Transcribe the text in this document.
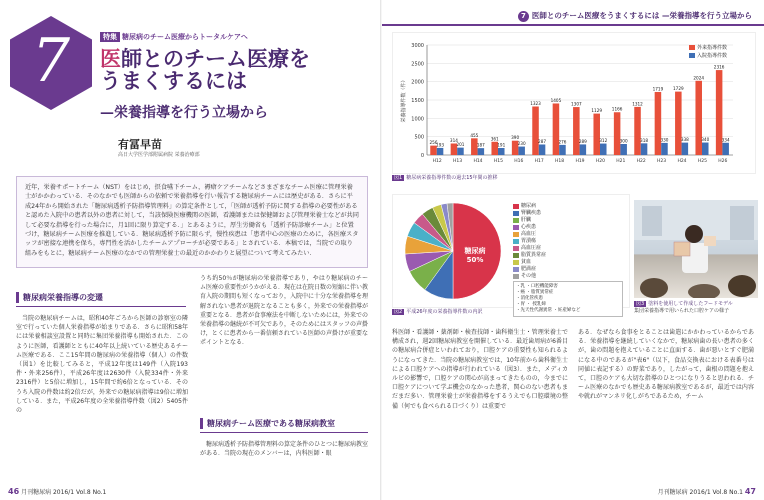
7	特集 糖尿病のチーム医療からトータルケアへ
医師とのチーム医療を
うまくするには
—栄養指導を行う立場から
有冨早苗
高日大学医学部附属病院 栄養治療部
近年，栄養サポートチーム（NST）をはじめ，摂食嚥下チーム，褥瘡ケアチームなどさまざまなチーム医療に管理栄養士がかかわっている．そのなかでも医師からの依頼で栄養指導を行い報告する糖尿病チームには歴史がある．さらに平成24年から開始された「糖尿病透析予防指導管理料」の算定条件として，「医師が透析予防に関する指導の必要性があると認めた入院中の患者以外の患者に対して，当該保険医療機関の医師，看護師または保健師および管理栄養士などが共同して必要な指導を行った場合に，月1回に限り算定する．」とあるように，厚生労働省も「透析予防診療チーム」と位置づけ，糖尿病チーム医療を推進している．糖尿病透析予防に限らず，慢性疾患は「患者中心の医療のために，各医療スタッフが密接な連携を保ち，専門性を活かしたチームアプローチが必要である」とされている．本稿では，当院での取り組みをもとに，糖尿病チーム医療のなかでの管理栄養士の最近のかかわりと展望について考えてみたい．
糖尿病栄養指導の変遷

当院の糖尿病チームは，昭和40年ごろから医師の診察室の隣室で行っていた個人栄養指導が始まりである．さらに昭和58年には栄養相談室設置と同時に集団栄養指導も開始された．このように医師，看護師とともに40年以上続いている歴史あるチーム医療である．ここ15年間の糖尿病の栄養指導（個人）の件数（図1）を比較してみると，平成12年度は149件（入院193件・外来256件），平成26年度は2630件（入院334件・外来2316件）と5倍に増加し，15年間で約6倍となっている．そのうち入院の件数は約2倍だが，外来での糖尿病指導は9倍に増加している．また，平成26年度の全栄養指導件数（図2）5405件の

うち約50％が糖尿病の栄養指導であり，やはり糖尿病のチーム医療の重要性がうかがえる．現在は在院日数の短縮に伴い教育入院の期間も短くなっており，入院中に十分な栄養指導を理解されない患者が退院となることも多く，外来での栄養指導が重要となる．患者が食事療法を中断しないためには，外来での栄養指導の継続が不可欠であり，そのためにはスタッフの声掛け，とくに患者から一番信頼されている医師の声掛けが重要なポイントとなる．

糖尿病チーム医療である糖尿病教室

糖尿病透析予防指導管理料の算定条件のひとつに糖尿病教室がある．当院の現在のメンバーは，内科医師・眼

46 月刊糖尿病 2016/1 Vol.8 No.1
7 医師とのチーム医療をうまくするには —栄養指導を行う立場から
0
500
1000
1500
2000
2500
3000
栄養指導件数（件）
256
193
H12
314
201
H13
455
187
H14
361
191
H15
390
230
H16
1323
287
H17
1405
276
H18
1307
289
H19
1129
312
H20
1166
300
H21
1312
318
H22
1719
330
H23
1729
338
H24
2024
340
H25
2316
334
H26
外来指導件数
入院指導件数
図1 糖尿病栄養指導件数の過去15年間の推移
糖尿病
50%
糖尿病
腎臓疾患
肝臓
心疾患
高血圧
胃潰瘍
高血圧症
脂質異常症
貧血
肥満症
その他
・乳 ・口腔機能障害
・癌 ・脂質異常症
・消化管疾患
・胃 ・ 授乳婦
・先天性代謝異常 ・妊産婦など
図2 平成26年度の栄養指導件数の内訳
図3 塗料を使用して作成したフードモデル
集団栄養指導で用いられた口腔ケアの様子

科医師・看護師・薬剤師・検査技師・歯科衛生士・管理栄養士で構成され，週2回糖尿病教室を開催している．最近歯周病が6番目の糖尿病合併症といわれており，口腔ケアの重要性も知られるようになってきた．当院の糖尿病教室では，10年前から歯科衛生士による口腔ケアへの指導が行われている（図3）．また，メディカルビの影響で，口腔ケアの関心が高まってきたものの，今までに口腔ケアについて学ぶ機会のなかった患者，関心のない患者もまだまだ多い．管理栄養士が栄養指導をするうえでも口腔環境の整備（何でも食べられる口づくり）は重要で

ある．なぜなら食事をとることは歯遣にかかわっているからである．栄養指導を継続していくなかで，糖尿病歯の長い患者の多くが，歯の問題を抱えていることに直面する．歯が悪いとすぐ肥満になる中のであるが"表6"（以下，食品交換表における表番号は同値に表記する）の野菜であり，したがって，歯根の問題を抱えて，口腔のケアも大切な指導のひとつになりうると思われる．チーム医療のなかでも歴史ある糖尿病教室であるが，最近では内容や就れがマンネリ化しがちであるため，チーム

月刊糖尿病 2016/1 Vol.8 No.1 47
